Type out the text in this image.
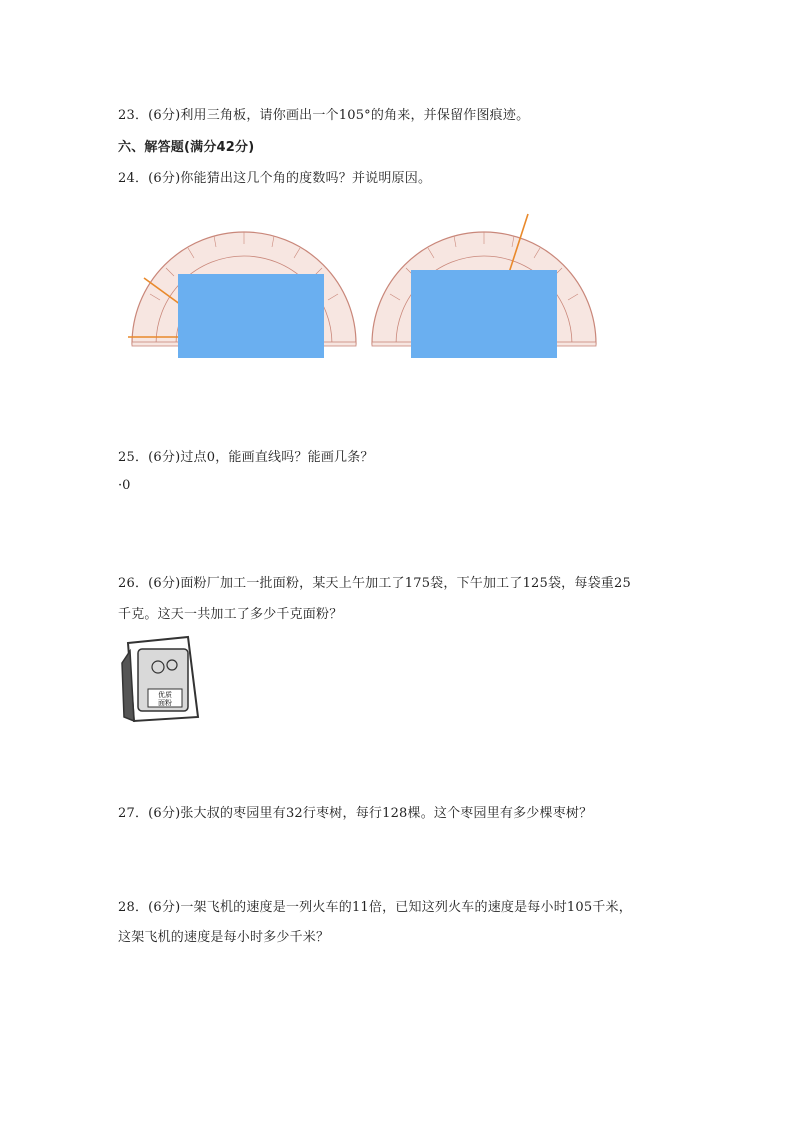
23．(6分)利用三角板，请你画出一个105°的角来，并保留作图痕迹。
六、解答题(满分42分)
24．(6分)你能猜出这几个角的度数吗？并说明原因。
25．(6分)过点0，能画直线吗？能画几条？
·0
26．(6分)面粉厂加工一批面粉，某天上午加工了175袋，下午加工了125袋，每袋重25
千克。这天一共加工了多少千克面粉？
优质
面粉
27．(6分)张大叔的枣园里有32行枣树，每行128棵。这个枣园里有多少棵枣树？
28．(6分)一架飞机的速度是一列火车的11倍，已知这列火车的速度是每小时105千米，
这架飞机的速度是每小时多少千米？
